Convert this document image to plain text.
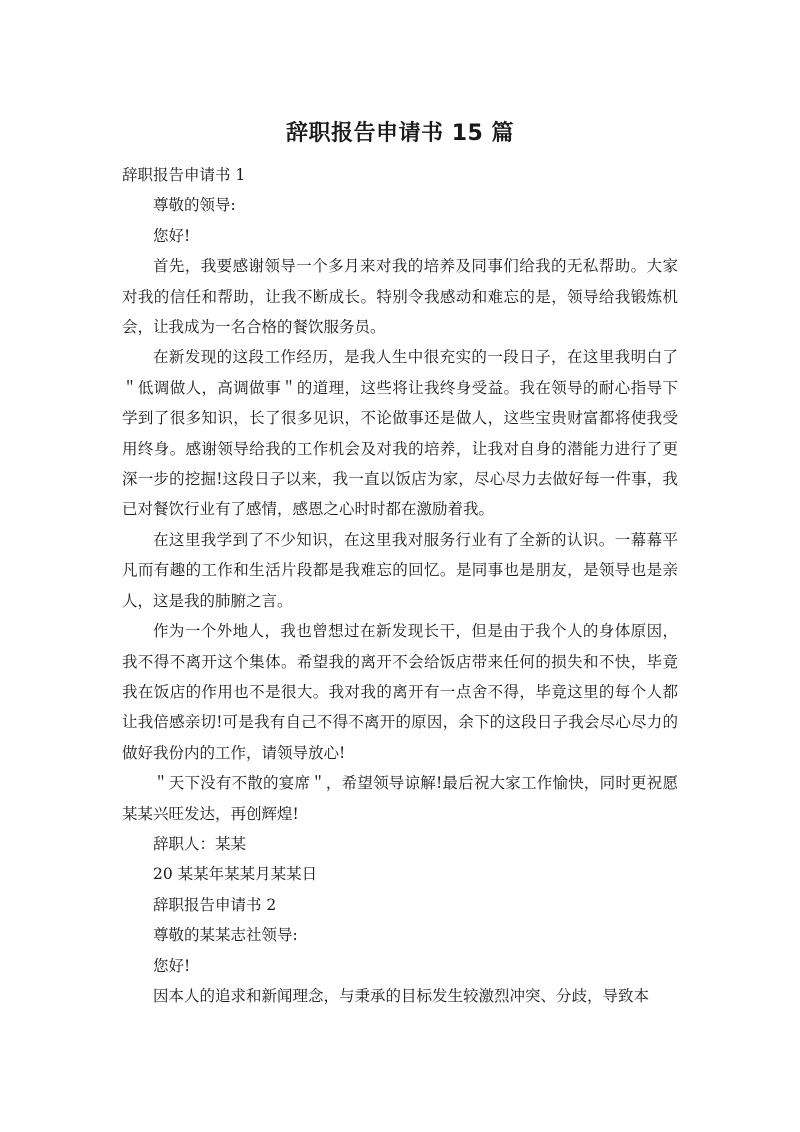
辞职报告申请书 15 篇

辞职报告申请书 1

尊敬的领导:

您好!

首先，我要感谢领导一个多月来对我的培养及同事们给我的无私帮助。大家对我的信任和帮助，让我不断成长。特别令我感动和难忘的是，领导给我锻炼机会，让我成为一名合格的餐饮服务员。

在新发现的这段工作经历，是我人生中很充实的一段日子，在这里我明白了＂低调做人，高调做事＂的道理，这些将让我终身受益。我在领导的耐心指导下学到了很多知识，长了很多见识，不论做事还是做人，这些宝贵财富都将使我受用终身。感谢领导给我的工作机会及对我的培养，让我对自身的潜能力进行了更深一步的挖掘!这段日子以来，我一直以饭店为家，尽心尽力去做好每一件事，我已对餐饮行业有了感情，感恩之心时时都在激励着我。

在这里我学到了不少知识，在这里我对服务行业有了全新的认识。一幕幕平凡而有趣的工作和生活片段都是我难忘的回忆。是同事也是朋友，是领导也是亲人，这是我的肺腑之言。

作为一个外地人，我也曾想过在新发现长干，但是由于我个人的身体原因，我不得不离开这个集体。希望我的离开不会给饭店带来任何的损失和不快，毕竟我在饭店的作用也不是很大。我对我的离开有一点舍不得，毕竟这里的每个人都让我倍感亲切!可是我有自己不得不离开的原因，余下的这段日子我会尽心尽力的做好我份内的工作，请领导放心!

＂天下没有不散的宴席＂，希望领导谅解!最后祝大家工作愉快，同时更祝愿某某兴旺发达，再创辉煌!

辞职人：某某

20 某某年某某月某某日

辞职报告申请书 2

尊敬的某某志社领导:

您好!

因本人的追求和新闻理念，与秉承的目标发生较激烈冲突、分歧，导致本
